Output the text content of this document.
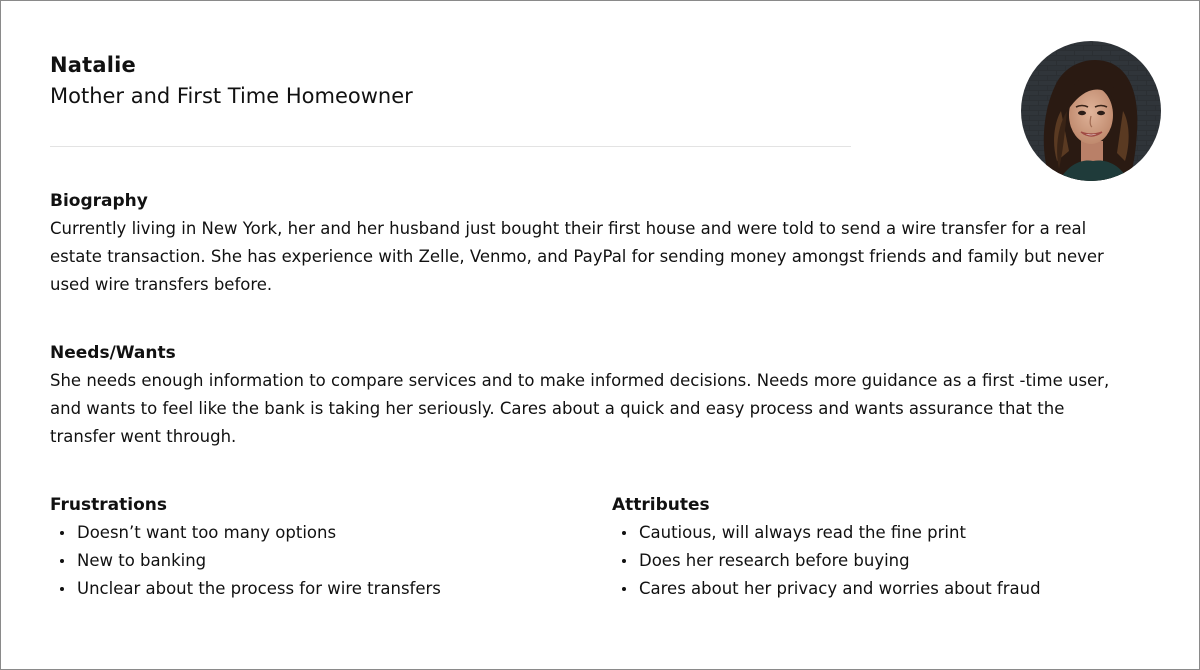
Natalie
Mother and First Time Homeowner
Biography
Currently living in New York, her and her husband just bought their first house and were told to send a wire transfer for a real estate transaction. She has experience with Zelle, Venmo, and PayPal for sending money amongst friends and family but never used wire transfers before.
Needs/Wants
She needs enough information to compare services and to make informed decisions. Needs more guidance as a first -time user, and wants to feel like the bank is taking her seriously. Cares about a quick and easy process and wants assurance that the transfer went through.
Frustrations
Doesn’t want too many options
New to banking
Unclear about the process for wire transfers
Attributes
Cautious, will always read the fine print
Does her research before buying
Cares about her privacy and worries about fraud
